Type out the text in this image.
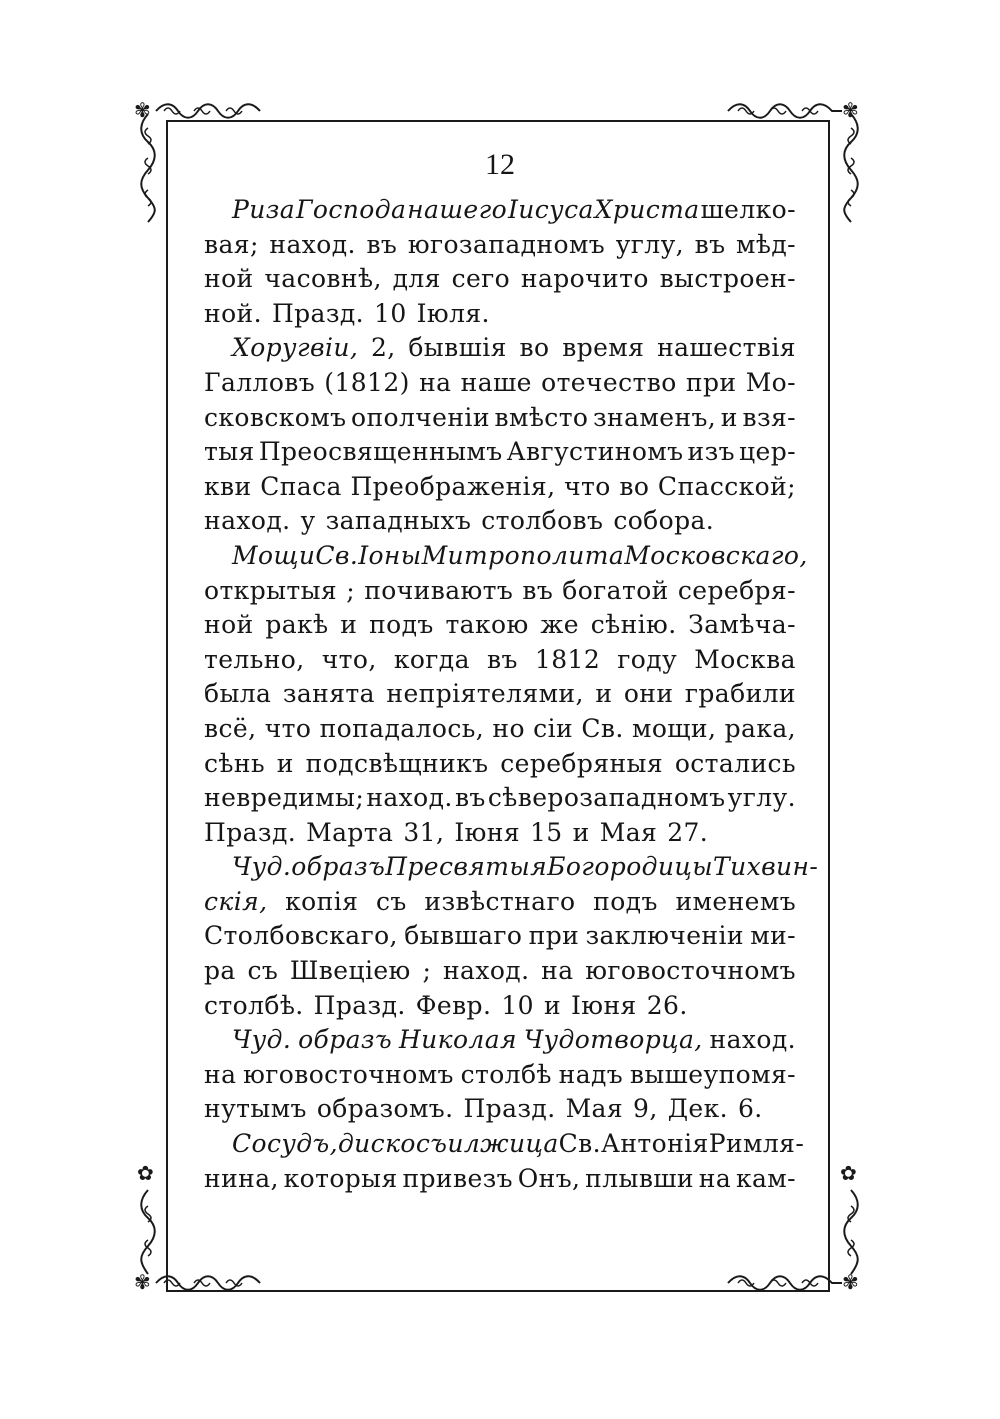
✾	✾
✾	✾
✿	✿
12
Риза Господа нашего Іисуса Христа шелко-
вая; наход. въ югозападномъ углу, въ мѣд-
ной часовнѣ, для сего нарочито выстроен-
ной. Празд. 10 Іюля.
Хоругвіи, 2, бывшія во время нашествія
Галловъ (1812) на наше отечество при Мо-
сковскомъ ополченіи вмѣсто знаменъ, и взя-
тыя Преосвященнымъ Августиномъ изъ цер-
кви Спаса Преображенія, что во Спасской;
наход. у западныхъ столбовъ собора.
Мощи Св. Іоны Митрополита Московскаго,
открытыя ; почиваютъ въ богатой серебря-
ной ракѣ и подъ такою же сѣнію. Замѣча-
тельно, что, когда въ 1812 году Москва
была занята непріятелями, и они грабили
всё, что попадалось, но сіи Св. мощи, рака,
сѣнь и подсвѣщникъ серебряныя остались
невредимы; наход. въ сѣверозападномъ углу.
Празд. Марта 31, Іюня 15 и Мая 27.
Чуд. образъ Пресвятыя Богородицы Тихвин-
скія, копія съ извѣстнаго подъ именемъ
Столбовскаго, бывшаго при заключеніи ми-
ра съ Швеціею ; наход. на юговосточномъ
столбѣ. Празд. Февр. 10 и Іюня 26.
Чуд. образъ Николая Чудотворца, наход.
на юговосточномъ столбѣ надъ вышеупомя-
нутымъ образомъ. Празд. Мая 9, Дек. 6.
Сосудъ, дискосъ и лжица Св. Антонія Римля-
нина, которыя привезъ Онъ, плывши на кам-
